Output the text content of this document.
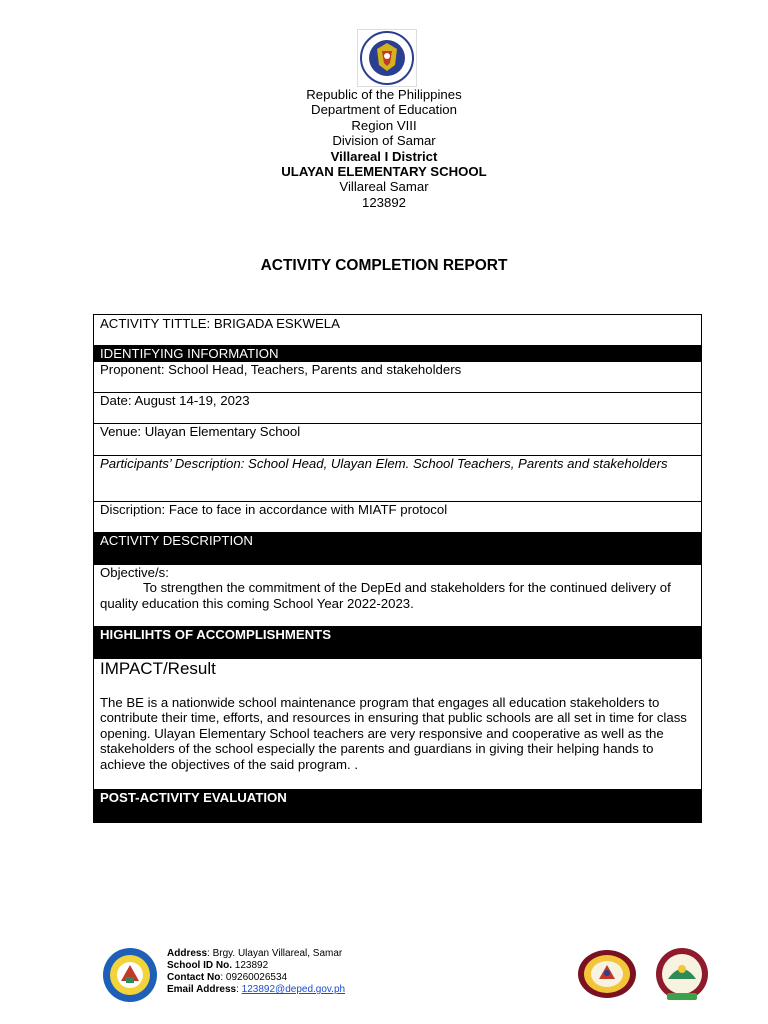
Republic of the Philippines
Department of Education
Region VIII
Division of Samar
Villareal I District
ULAYAN ELEMENTARY SCHOOL
Villareal Samar
123892
ACTIVITY COMPLETION REPORT
ACTIVITY TITTLE: BRIGADA ESKWELA
IDENTIFYING INFORMATION
Proponent: School Head, Teachers, Parents and stakeholders
Date: August 14-19, 2023
Venue: Ulayan Elementary School
Participants’ Description: School Head, Ulayan Elem. School Teachers, Parents and stakeholders
Discription: Face to face in accordance with MIATF protocol
ACTIVITY DESCRIPTION
Objective/s:
To strengthen the commitment of the DepEd and stakeholders for the continued delivery of quality education this coming School Year 2022-2023.
HIGHLIHTS OF ACCOMPLISHMENTS
IMPACT/Result
The BE is a nationwide school maintenance program that engages all education stakeholders to contribute their time, efforts, and resources in ensuring that public schools are all set in time for class opening. Ulayan Elementary School teachers are very responsive and cooperative as well as the stakeholders of the school especially the parents and guardians in giving their helping hands to achieve the objectives of the said program. .
POST-ACTIVITY EVALUATION
Address: Brgy. Ulayan Villareal, Samar
School ID No. 123892
Contact No: 09260026534
Email Address: 123892@deped.gov.ph
